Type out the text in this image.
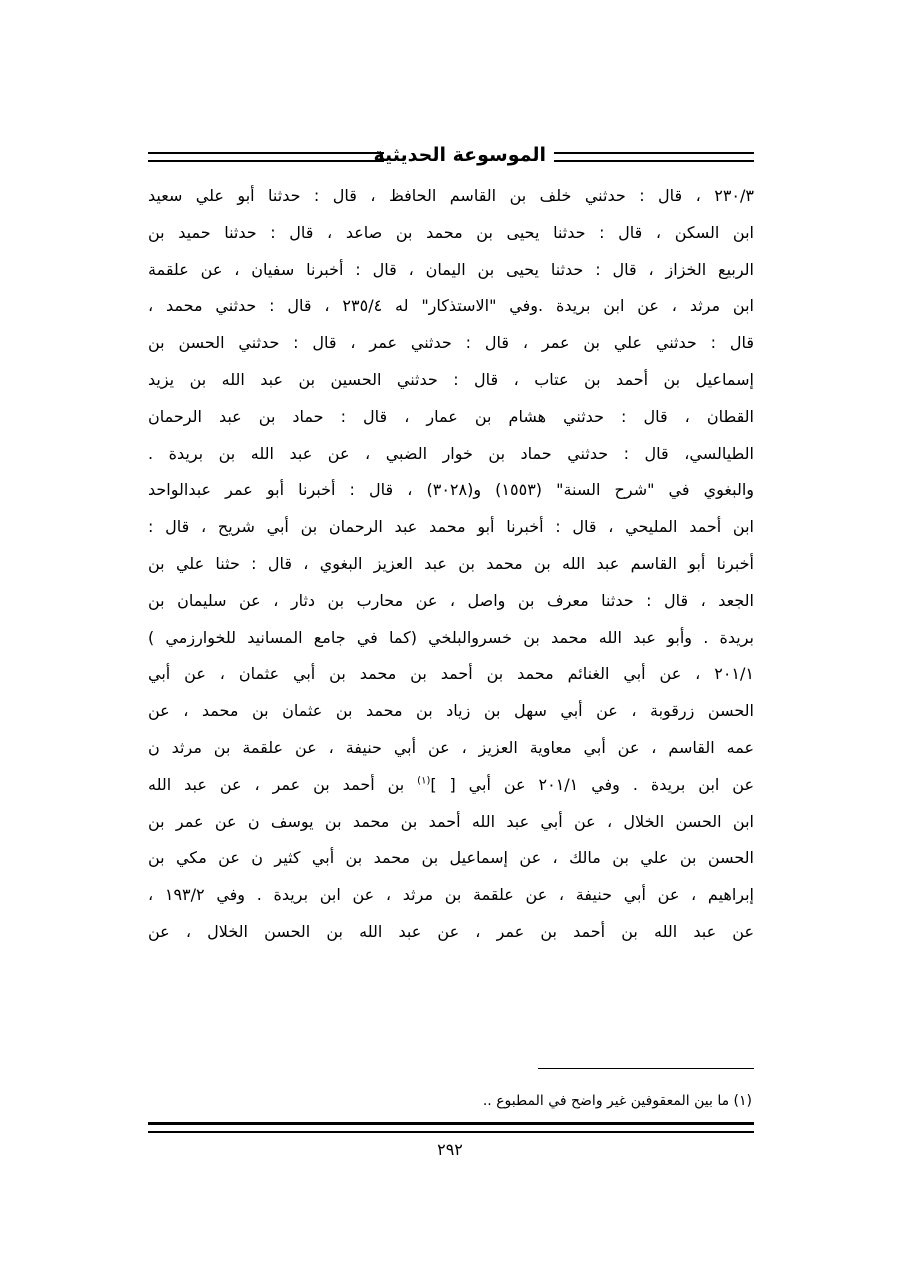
الموسوعة الحديثية
٢٣٠/٣ ، قال : حدثني خلف بن القاسم الحافظ ، قال : حدثنا أبو علي سعيد
ابن السكن ، قال : حدثنا يحيى بن محمد بن صاعد ، قال : حدثنا حميد بن
الربيع الخزاز ، قال : حدثنا يحيى بن اليمان ، قال : أخبرنا سفيان ، عن علقمة
ابن مرثد ، عن ابن بريدة .وفي "الاستذكار" له ٢٣٥/٤ ، قال : حدثني محمد ،
قال : حدثني علي بن عمر ، قال : حدثني عمر ، قال : حدثني الحسن بن
إسماعيل بن أحمد بن عتاب ، قال : حدثني الحسين بن عبد الله بن يزيد
القطان ، قال : حدثني هشام بن عمار ، قال : حماد بن عبد الرحمان
الطيالسي، قال : حدثني حماد بن خوار الضبي ، عن عبد الله بن بريدة .
والبغوي في "شرح السنة" (١٥٥٣) و(٣٠٢٨) ، قال : أخبرنا أبو عمر عبدالواحد
ابن أحمد المليحي ، قال : أخبرنا أبو محمد عبد الرحمان بن أبي شريح ، قال :
أخبرنا أبو القاسم عبد الله بن محمد بن عبد العزيز البغوي ، قال : حثنا علي بن
الجعد ، قال : حدثنا معرف بن واصل ، عن محارب بن دثار ، عن سليمان بن
بريدة . وأبو عبد الله محمد بن خسروالبلخي (كما في جامع المسانيد للخوارزمي )
٢٠١/١ ، عن أبي الغنائم محمد بن أحمد بن محمد بن أبي عثمان ، عن أبي
الحسن زرقوبة ، عن أبي سهل بن زياد بن محمد بن عثمان بن محمد ، عن
عمه القاسم ، عن أبي معاوية العزيز ، عن أبي حنيفة ، عن علقمة بن مرثد ن
عن ابن بريدة . وفي ٢٠١/١ عن أبي [ ]$^{(١)}$ بن أحمد بن عمر ، عن عبد الله
ابن الحسن الخلال ، عن أبي عبد الله أحمد بن محمد بن يوسف ن عن عمر بن
الحسن بن علي بن مالك ، عن إسماعيل بن محمد بن أبي كثير ن عن مكي بن
إبراهيم ، عن أبي حنيفة ، عن علقمة بن مرثد ، عن ابن بريدة . وفي ١٩٣/٢ ،
عن عبد الله بن أحمد بن عمر ، عن عبد الله بن الحسن الخلال ، عن
(١) ما بين المعقوفين غير واضح في المطبوع ..
٢٩٢
